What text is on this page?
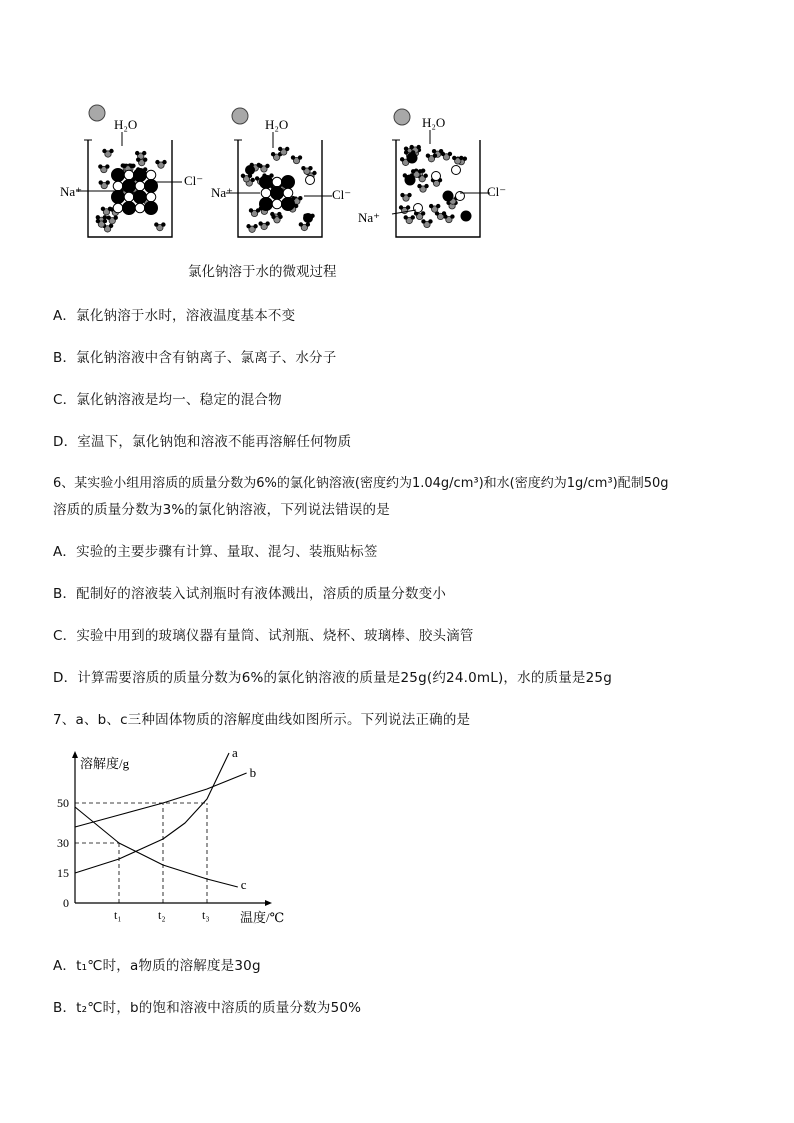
H₂O	H₂O	H₂O
Na⁺	Na⁺
Na⁺
Cl⁻
Cl⁻	Cl⁻
氯化钠溶于水的微观过程
A．氯化钠溶于水时，溶液温度基本不变
B．氯化钠溶液中含有钠离子、氯离子、水分子
C．氯化钠溶液是均一、稳定的混合物
D．室温下，氯化钠饱和溶液不能再溶解任何物质
6、某实验小组用溶质的质量分数为6%的氯化钠溶液(密度约为1.04g/cm³)和水(密度约为1g/cm³)配制50g
溶质的质量分数为3%的氯化钠溶液，下列说法错误的是
A．实验的主要步骤有计算、量取、混匀、装瓶贴标签
B．配制好的溶液装入试剂瓶时有液体溅出，溶质的质量分数变小
C．实验中用到的玻璃仪器有量筒、试剂瓶、烧杯、玻璃棒、胶头滴管
D．计算需要溶质的质量分数为6%的氯化钠溶液的质量是25g(约24.0mL)，水的质量是25g
7、a、b、c三种固体物质的溶解度曲线如图所示。下列说法正确的是
溶解度/g
温度/℃
0
15
30
50
t₁	t₂	t₃
a
b
c
A．t₁℃时，a物质的溶解度是30g
B．t₂℃时，b的饱和溶液中溶质的质量分数为50%
